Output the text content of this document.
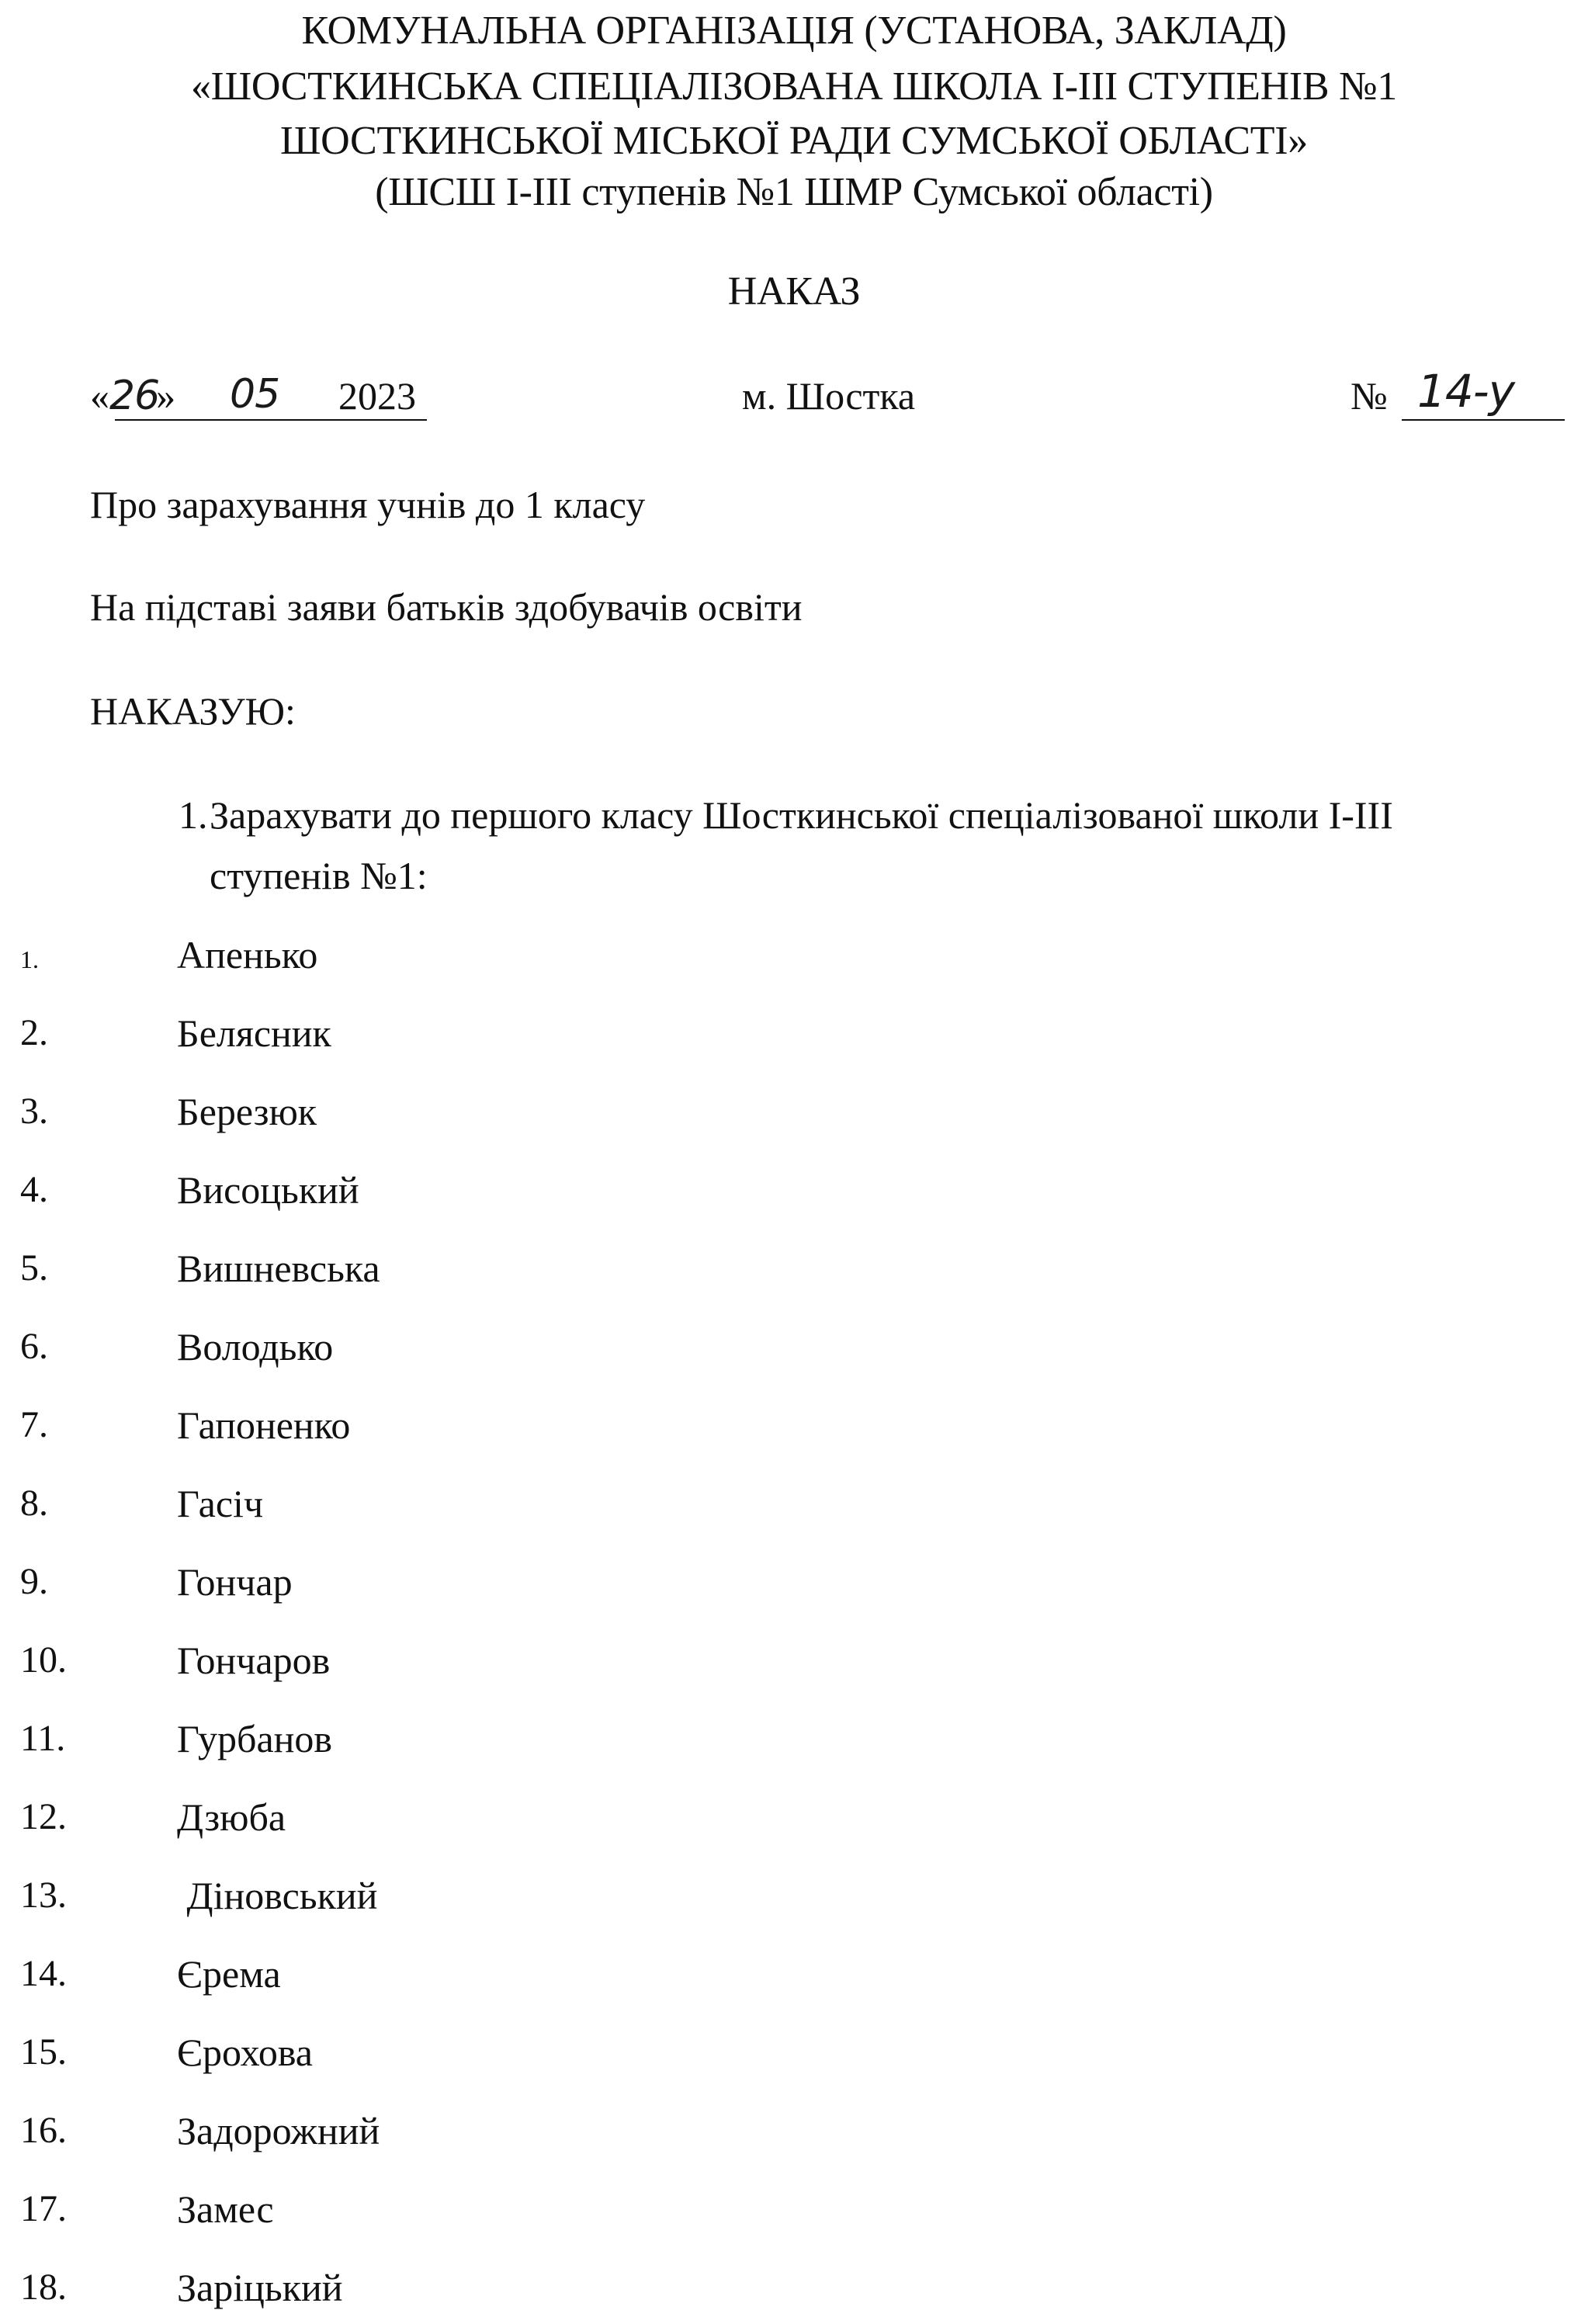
КОМУНАЛЬНА ОРГАНІЗАЦІЯ (УСТАНОВА, ЗАКЛАД)
«ШОСТКИНСЬКА СПЕЦІАЛІЗОВАНА ШКОЛА І-ІІІ СТУПЕНІВ №1
ШОСТКИНСЬКОЇ МІСЬКОЇ РАДИ СУМСЬКОЇ ОБЛАСТІ»
(ШСШ І-ІІІ ступенів №1 ШМР Сумської області)
НАКАЗ
«26» 05 2023	м. Шостка	№ 14-у
Про зарахування учнів до 1 класу
На підставі заяви батьків здобувачів освіти
НАКАЗУЮ:
1. Зарахувати до першого класу Шосткинської спеціалізованої школи І-ІІІ
ступенів №1:
1.	Апенько
2.	Белясник
3.	Березюк
4.	Висоцький
5.	Вишневська
6.	Володько
7.	Гапоненко
8.	Гасіч
9.	Гончар
10.	Гончаров
11.	Гурбанов
12.	Дзюба
13.	Діновський
14.	Єрема
15.	Єрохова
16.	Задорожний
17.	Замес
18.	Заріцький
